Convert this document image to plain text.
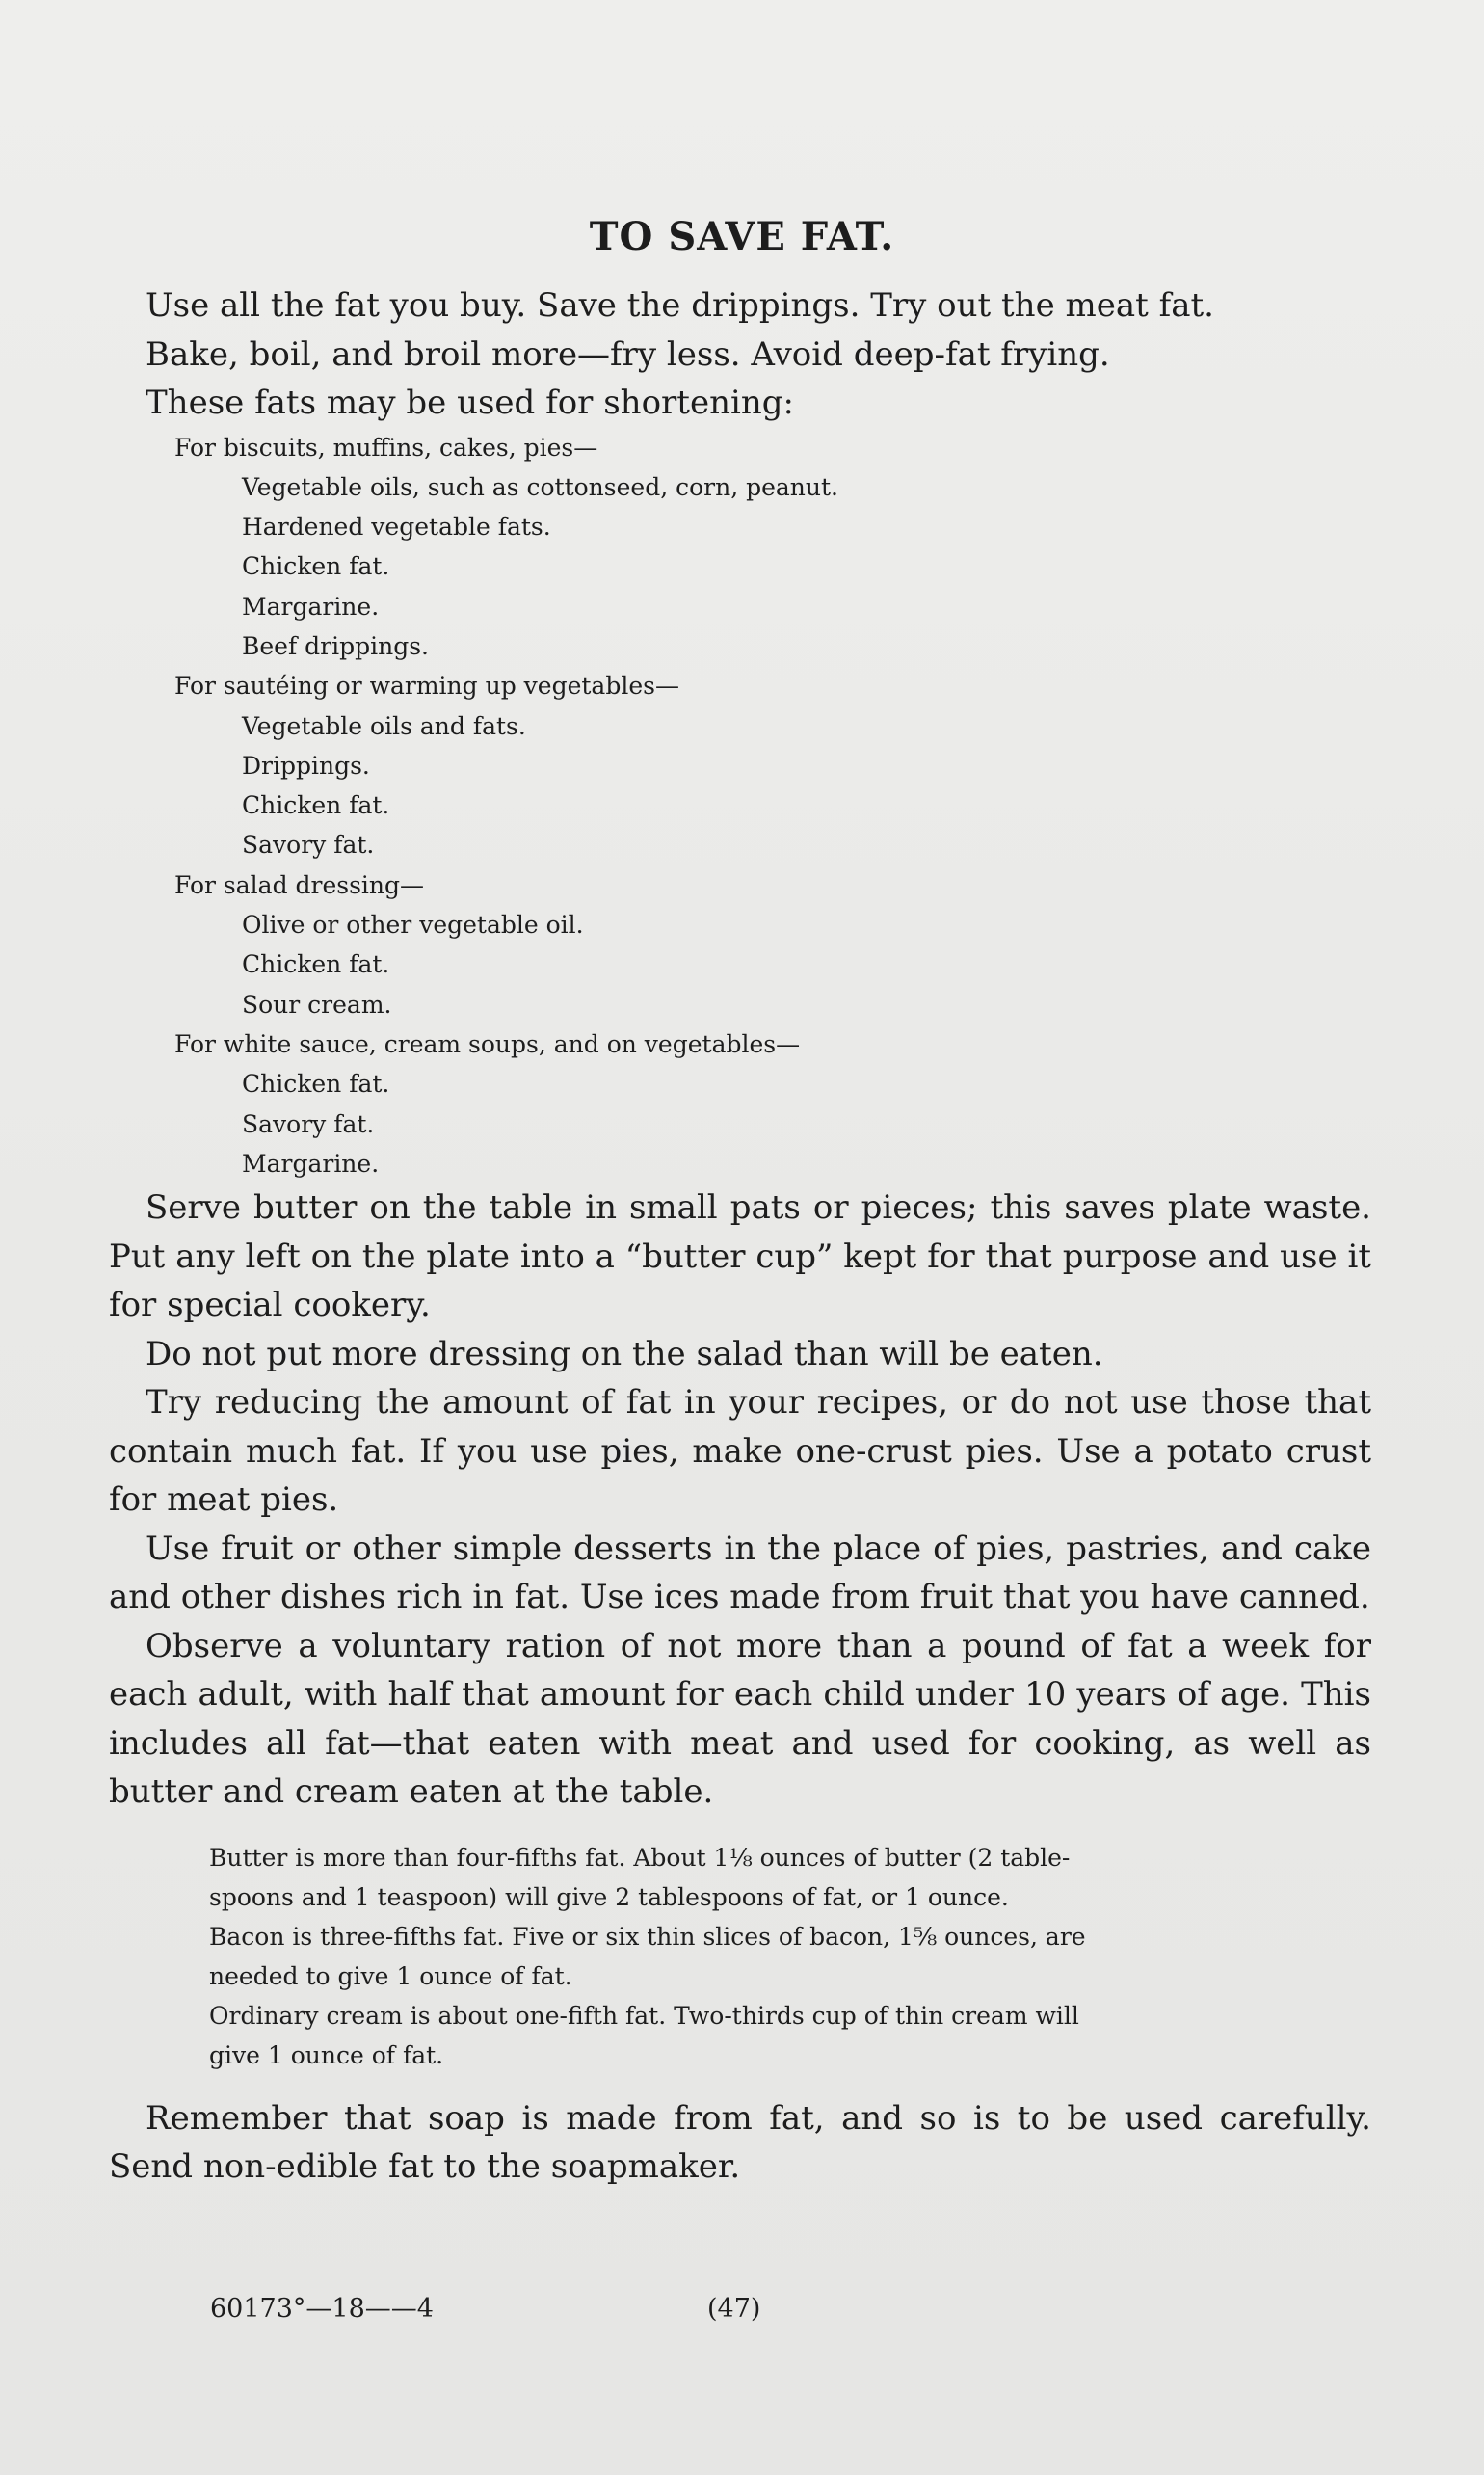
TO SAVE FAT.

Use all the fat you buy. Save the drippings. Try out the meat fat.

Bake, boil, and broil more—fry less. Avoid deep-fat frying.

These fats may be used for shortening:

For biscuits, muffins, cakes, pies—

Vegetable oils, such as cottonseed, corn, peanut.

Hardened vegetable fats.

Chicken fat.

Margarine.

Beef drippings.

For sautéing or warming up vegetables—

Vegetable oils and fats.

Drippings.

Chicken fat.

Savory fat.

For salad dressing—

Olive or other vegetable oil.

Chicken fat.

Sour cream.

For white sauce, cream soups, and on vegetables—

Chicken fat.

Savory fat.

Margarine.

Serve butter on the table in small pats or pieces; this saves plate waste. Put any left on the plate into a “butter cup” kept for that purpose and use it for special cookery.

Do not put more dressing on the salad than will be eaten.

Try reducing the amount of fat in your recipes, or do not use those that contain much fat. If you use pies, make one-crust pies. Use a potato crust for meat pies.

Use fruit or other simple desserts in the place of pies, pastries, and cake and other dishes rich in fat. Use ices made from fruit that you have canned.

Observe a voluntary ration of not more than a pound of fat a week for each adult, with half that amount for each child under 10 years of age. This includes all fat—that eaten with meat and used for cooking, as well as butter and cream eaten at the table.

Butter is more than four-fifths fat. About 1⅛ ounces of butter (2 table-
spoons and 1 teaspoon) will give 2 tablespoons of fat, or 1 ounce.

Bacon is three-fifths fat. Five or six thin slices of bacon, 1⅝ ounces, are
needed to give 1 ounce of fat.

Ordinary cream is about one-fifth fat. Two-thirds cup of thin cream will
give 1 ounce of fat.

Remember that soap is made from fat, and so is to be used carefully. Send non-edible fat to the soapmaker.

60173°—18——4	(47)
